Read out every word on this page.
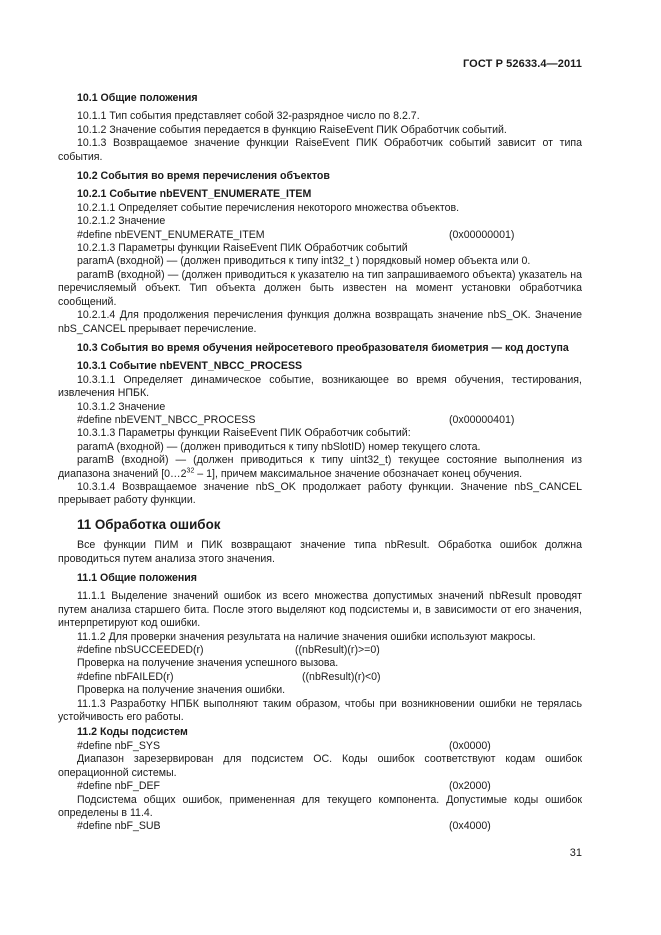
ГОСТ Р 52633.4—2011
10.1 Общие положения

10.1.1 Тип события представляет собой 32-разрядное число по 8.2.7.

10.1.2 Значение события передается в функцию RaiseEvent ПИК Обработчик событий.

10.1.3 Возвращаемое значение функции RaiseEvent ПИК Обработчик событий зависит от типа события.

10.2 События во время перечисления объектов
10.2.1 Событие nbEVENT_ENUMERATE_ITEM

10.2.1.1 Определяет событие перечисления некоторого множества объектов.

10.2.1.2 Значение

#define nbEVENT_ENUMERATE_ITEM	(0x00000001)

10.2.1.3 Параметры функции RaiseEvent ПИК Обработчик событий

paramA (входной) — (должен приводиться к типу int32_t ) порядковый номер объекта или 0.

paramB (входной) — (должен приводиться к указателю на тип запрашиваемого объекта) указатель на перечисляемый объект. Тип объекта должен быть известен на момент установки обработчика сообщений.

10.2.1.4 Для продолжения перечисления функция должна возвращать значение nbS_OK. Значение nbS_CANCEL прерывает перечисление.

10.3 События во время обучения нейросетевого преобразователя биометрия — код доступа
10.3.1 Событие nbEVENT_NBCC_PROCESS

10.3.1.1 Определяет динамическое событие, возникающее во время обучения, тестирования, извлечения НПБК.

10.3.1.2 Значение

#define nbEVENT_NBCC_PROCESS	(0x00000401)

10.3.1.3 Параметры функции RaiseEvent ПИК Обработчик событий:

paramA (входной) — (должен приводиться к типу nbSlotID) номер текущего слота.

paramB (входной) — (должен приводиться к типу uint32_t) текущее состояние выполнения из диапазона значений $[0\dots 2^{32} - 1]$, причем максимальное значение обозначает конец обучения.

10.3.1.4 Возвращаемое значение nbS_OK продолжает работу функции. Значение nbS_CANCEL прерывает работу функции.

11 Обработка ошибок

Все функции ПИМ и ПИК возвращают значение типа nbResult. Обработка ошибок должна проводиться путем анализа этого значения.

11.1 Общие положения

11.1.1 Выделение значений ошибок из всего множества допустимых значений nbResult проводят путем анализа старшего бита. После этого выделяют код подсистемы и, в зависимости от его значения, интерпретируют код ошибки.

11.1.2 Для проверки значения результата на наличие значения ошибки используют макросы.

#define nbSUCCEEDED(r)	((nbResult)(r)>=0)

Проверка на получение значения успешного вызова.

#define nbFAILED(r)	((nbResult)(r)<0)

Проверка на получение значения ошибки.

11.1.3 Разработку НПБК выполняют таким образом, чтобы при возникновении ошибки не терялась устойчивость его работы.

11.2 Коды подсистем
#define nbF_SYS	(0x0000)

Диапазон зарезервирован для подсистем ОС. Коды ошибок соответствуют кодам ошибок операционной системы.

#define nbF_DEF	(0x2000)

Подсистема общих ошибок, примененная для текущего компонента. Допустимые коды ошибок определены в 11.4.

#define nbF_SUB	(0x4000)
31
